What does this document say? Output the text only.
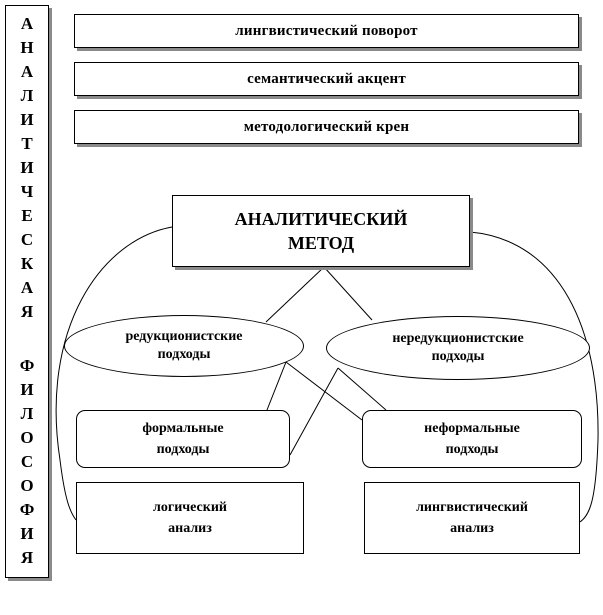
А
Н
А
Л
И
Т
И
Ч
Е
С
К
А
Я
Ф
И
Л
О
С
О
Ф
И
Я
лингвистический поворот
семантический акцент
методологический крен
АНАЛИТИЧЕСКИЙ
МЕТОД
редукционистские
подходы
нередукционистские
подходы
формальные
подходы
неформальные
подходы
логический
анализ
лингвистический
анализ
